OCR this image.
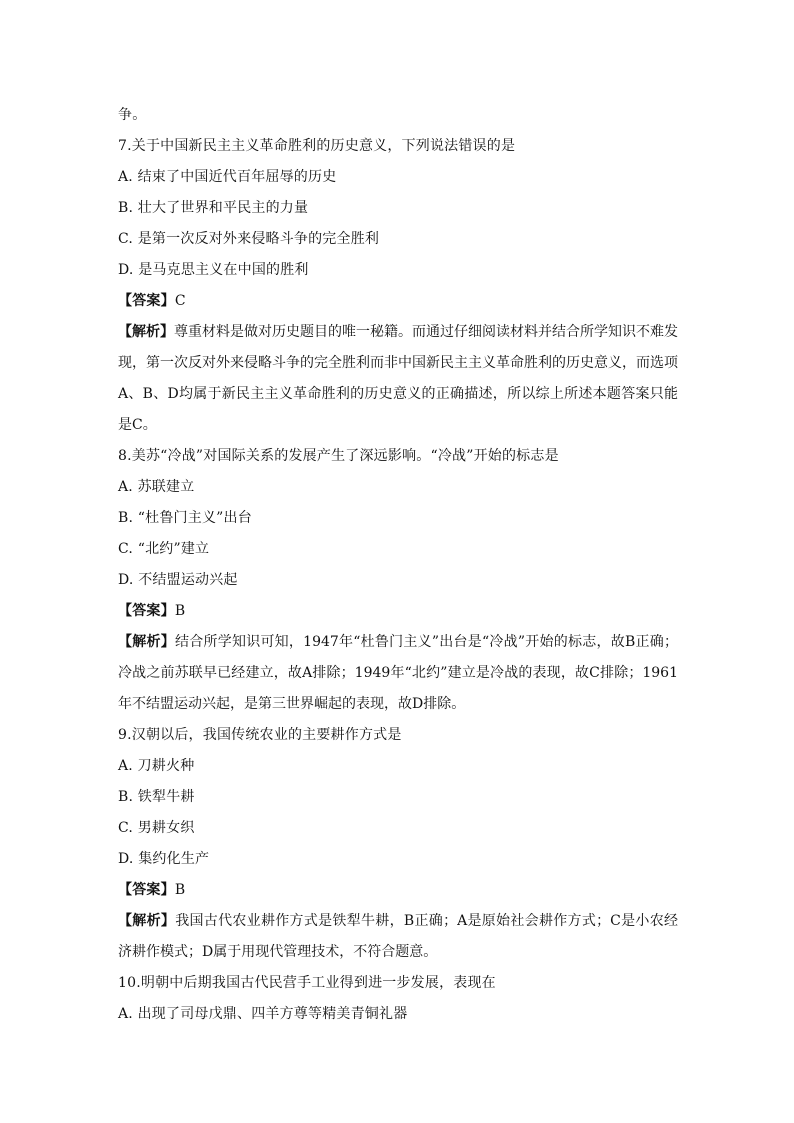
争。
7.关于中国新民主主义革命胜利的历史意义，下列说法错误的是
A. 结束了中国近代百年屈辱的历史
B. 壮大了世界和平民主的力量
C. 是第一次反对外来侵略斗争的完全胜利
D. 是马克思主义在中国的胜利
【答案】C
【解析】尊重材料是做对历史题目的唯一秘籍。而通过仔细阅读材料并结合所学知识不难发现，第一次反对外来侵略斗争的完全胜利而非中国新民主主义革命胜利的历史意义，而选项A、B、D均属于新民主主义革命胜利的历史意义的正确描述，所以综上所述本题答案只能是C。
8.美苏“冷战”对国际关系的发展产生了深远影响。“冷战”开始的标志是
A. 苏联建立
B. “杜鲁门主义”出台
C. “北约”建立
D. 不结盟运动兴起
【答案】B
【解析】结合所学知识可知，1947年“杜鲁门主义”出台是“冷战”开始的标志，故B正确；冷战之前苏联早已经建立，故A排除；1949年“北约”建立是冷战的表现，故C排除；1961年不结盟运动兴起，是第三世界崛起的表现，故D排除。
9.汉朝以后，我国传统农业的主要耕作方式是
A. 刀耕火种
B. 铁犁牛耕
C. 男耕女织
D. 集约化生产
【答案】B
【解析】我国古代农业耕作方式是铁犁牛耕，B正确；A是原始社会耕作方式；C是小农经济耕作模式；D属于用现代管理技术，不符合题意。
10.明朝中后期我国古代民营手工业得到进一步发展，表现在
A. 出现了司母戊鼎、四羊方尊等精美青铜礼器
